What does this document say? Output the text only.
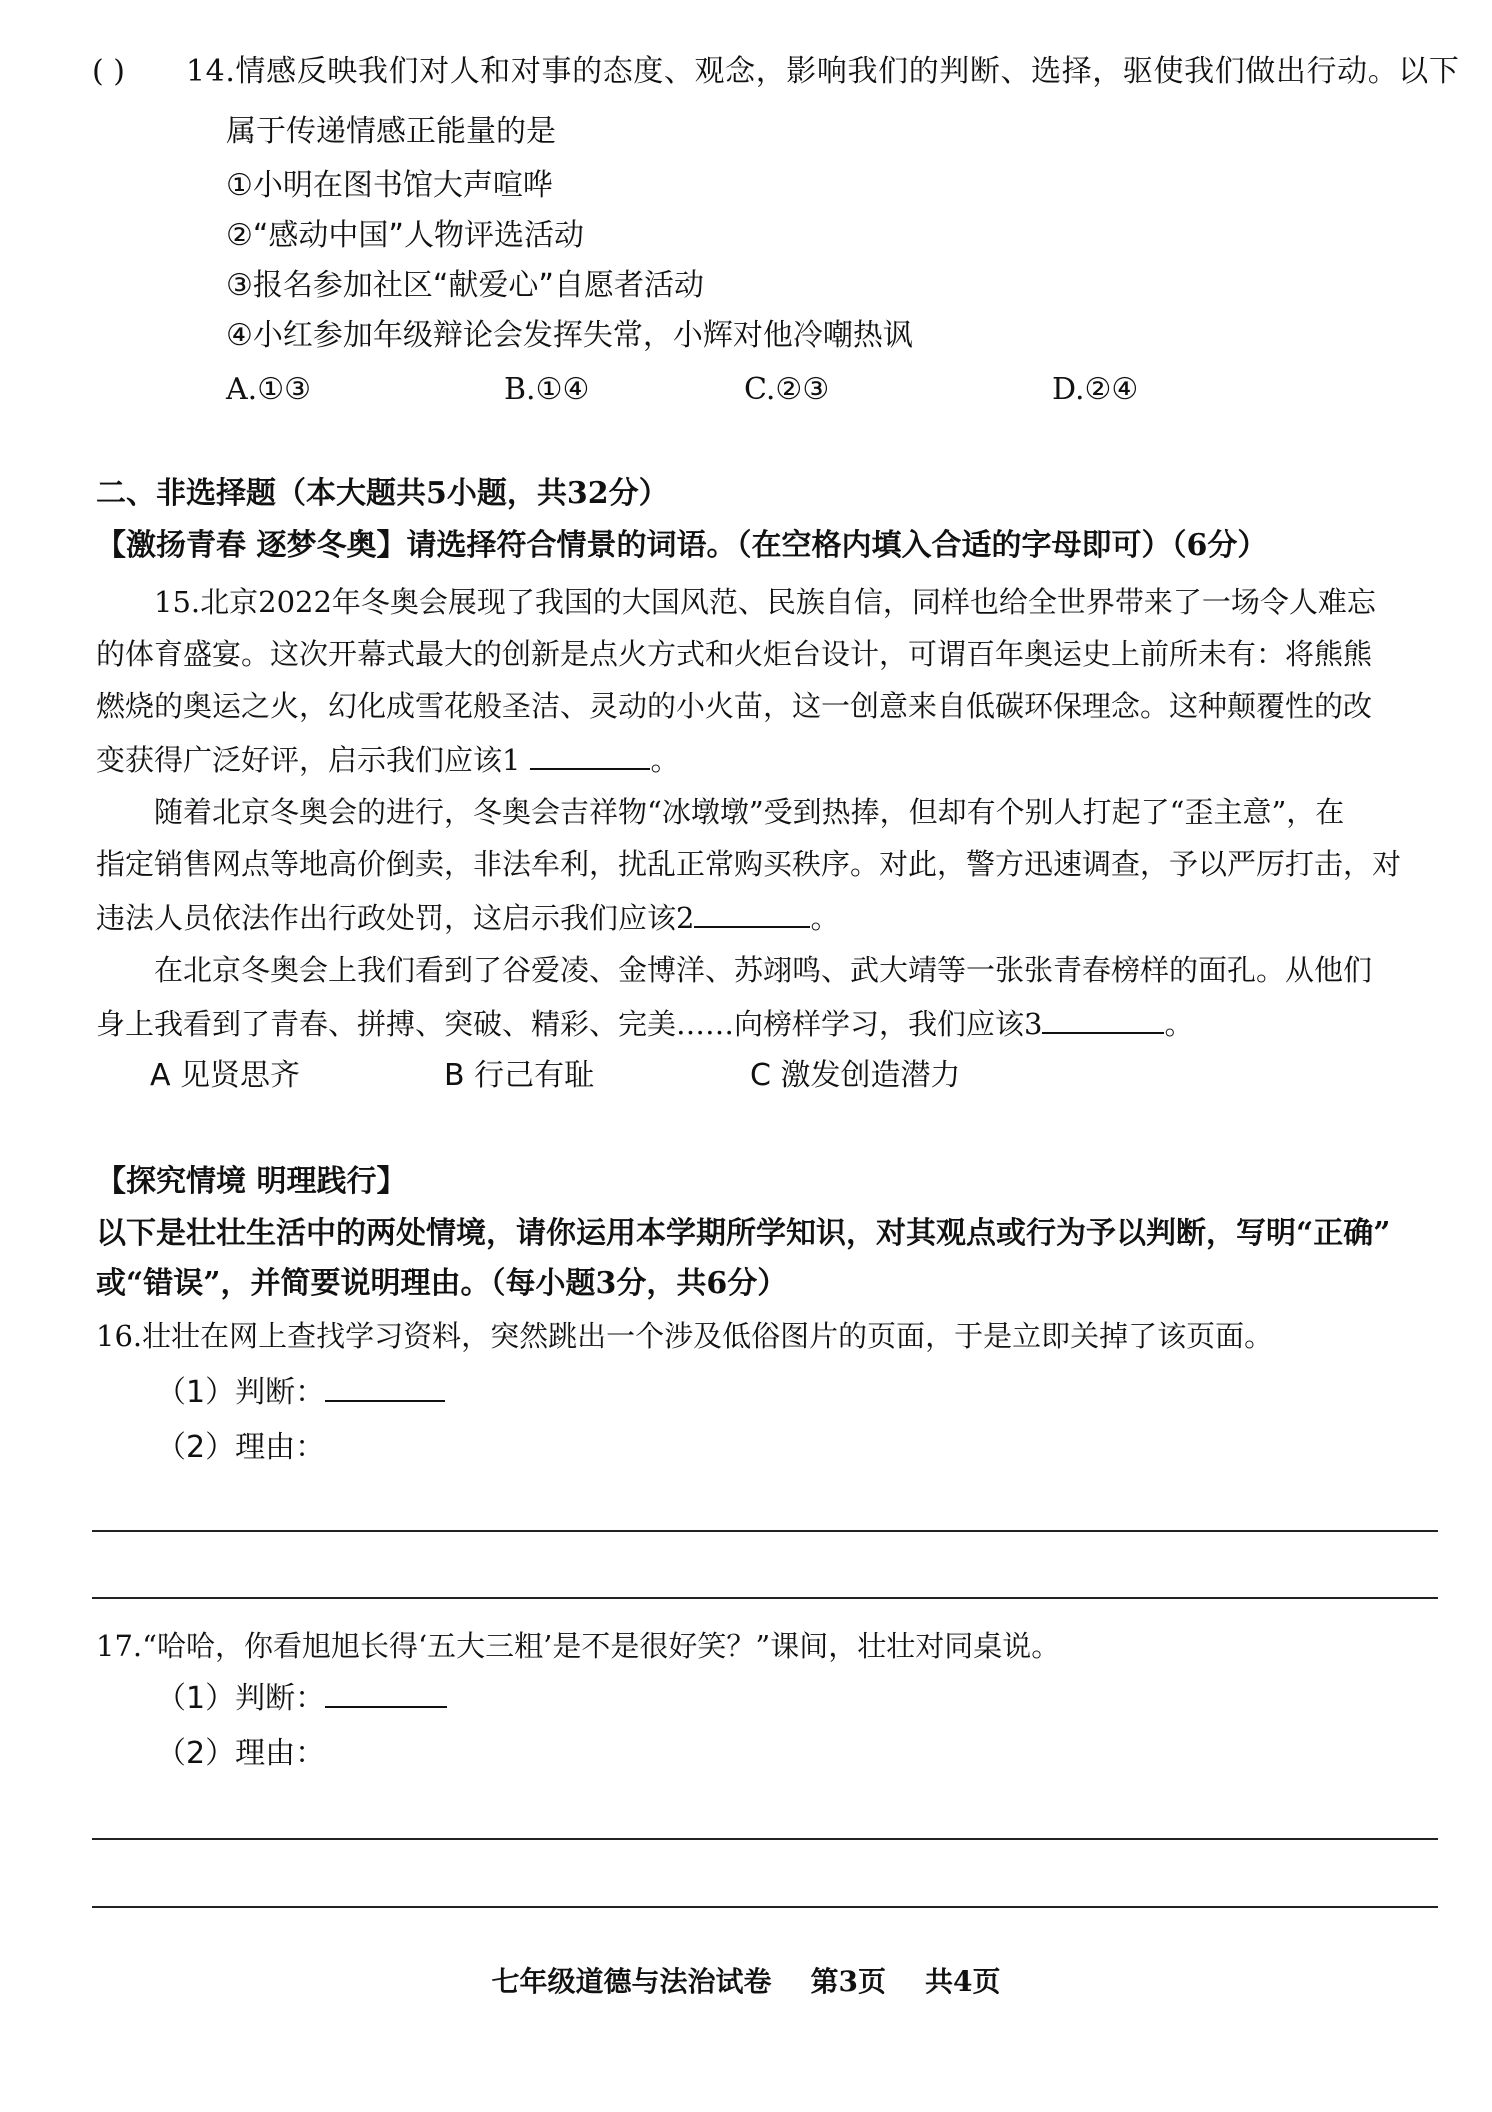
( ) 14.情感反映我们对人和对事的态度、观念，影响我们的判断、选择，驱使我们做出行动。以下
属于传递情感正能量的是
①小明在图书馆大声喧哗
②“感动中国”人物评选活动
③报名参加社区“献爱心”自愿者活动
④小红参加年级辩论会发挥失常，小辉对他冷嘲热讽
A.①③	B.①④	C.②③	D.②④
二、非选择题（本大题共5小题，共32分）
【激扬青春 逐梦冬奥】请选择符合情景的词语。（在空格内填入合适的字母即可）（6分）
15.北京2022年冬奥会展现了我国的大国风范、民族自信，同样也给全世界带来了一场令人难忘
的体育盛宴。这次开幕式最大的创新是点火方式和火炬台设计，可谓百年奥运史上前所未有：将熊熊
燃烧的奥运之火，幻化成雪花般圣洁、灵动的小火苗，这一创意来自低碳环保理念。这种颠覆性的改
变获得广泛好评，启示我们应该1	。
随着北京冬奥会的进行，冬奥会吉祥物“冰墩墩”受到热捧，但却有个别人打起了“歪主意”，在
指定销售网点等地高价倒卖，非法牟利，扰乱正常购买秩序。对此，警方迅速调查，予以严厉打击，对
违法人员依法作出行政处罚，这启示我们应该2	。
在北京冬奥会上我们看到了谷爱凌、金博洋、苏翊鸣、武大靖等一张张青春榜样的面孔。从他们
身上我看到了青春、拼搏、突破、精彩、完美……向榜样学习，我们应该3	。
A 见贤思齐	B 行己有耻	C 激发创造潜力
【探究情境 明理践行】
以下是壮壮生活中的两处情境，请你运用本学期所学知识，对其观点或行为予以判断，写明“正确”
或“错误”，并简要说明理由。（每小题3分，共6分）
16.壮壮在网上查找学习资料，突然跳出一个涉及低俗图片的页面，于是立即关掉了该页面。
（1）判断：
（2）理由：
17.“哈哈，你看旭旭长得‘五大三粗’是不是很好笑？”课间，壮壮对同桌说。
（1）判断：
（2）理由：
七年级道德与法治试卷    第3页    共4页
